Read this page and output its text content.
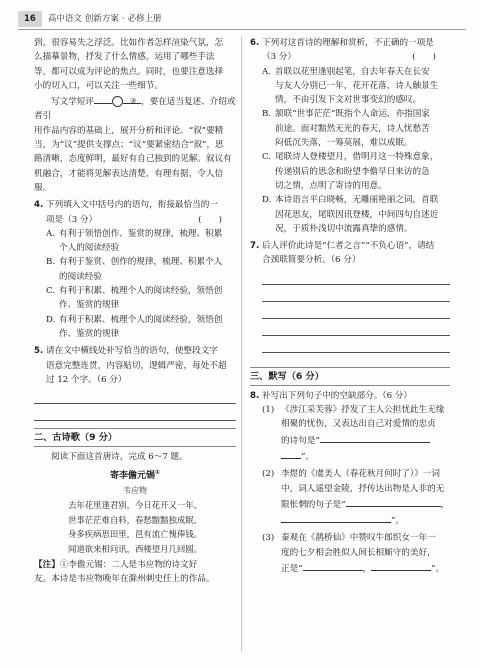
16	高中语文 创新方案 · 必修上册

到，很容易失之浮泛。比如作者怎样渲染气氛，怎

么描摹景物，抒发了什么情感，运用了哪些手法

等，都可以成为评论的焦点。同时，也要注意选择

小的切入口，可以关注一些细节。

写文学短评	③ ，要在适当复述、介绍或者引

用作品内容的基础上，展开分析和评论。“叙”要精

当，为“议”提供支撑点；“议”要紧密结合“叙”，思

路清晰，态度鲜明，最好有自己独到的见解。叙议有

机融合，才能将见解表达清楚，有理有据，令人信服。

4. 下列填入文中括号内的语句，衔接最恰当的一

项是（3 分）	(　　)
A. 有利于领悟创作、鉴赏的规律，梳理、积累

个人的阅读经验

B. 有利于鉴赏、创作的规律，梳理、积累个人

的阅读经验

C. 有利于积累、梳理个人的阅读经验，领悟创

作、鉴赏的规律

D. 有利于积累、梳理个人的阅读经验，领悟创

作、鉴赏的规律

5. 请在文中横线处补写恰当的语句，使整段文字

语意完整连贯，内容贴切，逻辑严密，每处不超

过 12 个字。（6 分）

二、古诗歌（9 分）

阅读下面这首唐诗，完成 6～7 题。

寄李儋元锡①
韦应物
去年花里逢君别，今日花开又一年。
世事茫茫难自料，春愁黯黯独成眠。
身多疾病思田里，邑有流亡愧俸钱。
闻道欲来相问讯，西楼望月几回圆。

【注】①李儋元锡：二人是韦应物的诗文好

友。本诗是韦应物晚年在滁州刺史任上的作品。

6. 下列对这首诗的理解和赏析，不正确的一项是

（3 分）	(　　)
A. 首联以花里逢别起笔，自去年春天在长安

与友人分别已一年，花开花落，诗人触景生

情，不由引发下文对世事变幻的感叹。

B. 颔联“世事茫茫”既指个人命运，亦指国家

前途。面对黯然无光的春天，诗人忧愁苦

闷低沉失落，一筹莫展，难以成眠。

C. 尾联诗人登楼望月，借明月这一特殊意象，

传递别后的思念和盼望李儋早日来访的急

切之情，点明了寄诗的用意。

D. 本诗语言平白晓畅，无雕丽艳丽之词，首联

因花思友，尾联因讯登楼，中间四句自述近

况，于质朴浅切中流露真挚的感情。

7. 后人评价此诗是“仁者之言”“不负心语”，请结

合颈联简要分析。（6 分）

三、默写（6 分）
8. 补写出下列句子中的空缺部分。（6 分）

(1) 《涉江采芙蓉》抒发了主人公担忧此生无缘

相聚的忧伤，又表达出自己对爱情的忠贞

的诗句是“

”。

(2) 李煜的《虞美人（春花秋月何时了）》一词

中，词人遥望金陵，抒传达出物是人非的无

限怅惘的句子是“	，

”。

(3) 秦观在《鹊桥仙》中赞叹牛郎织女一年一

度的七夕相会胜似人间长相厮守的美好，

正是“	，	”。
